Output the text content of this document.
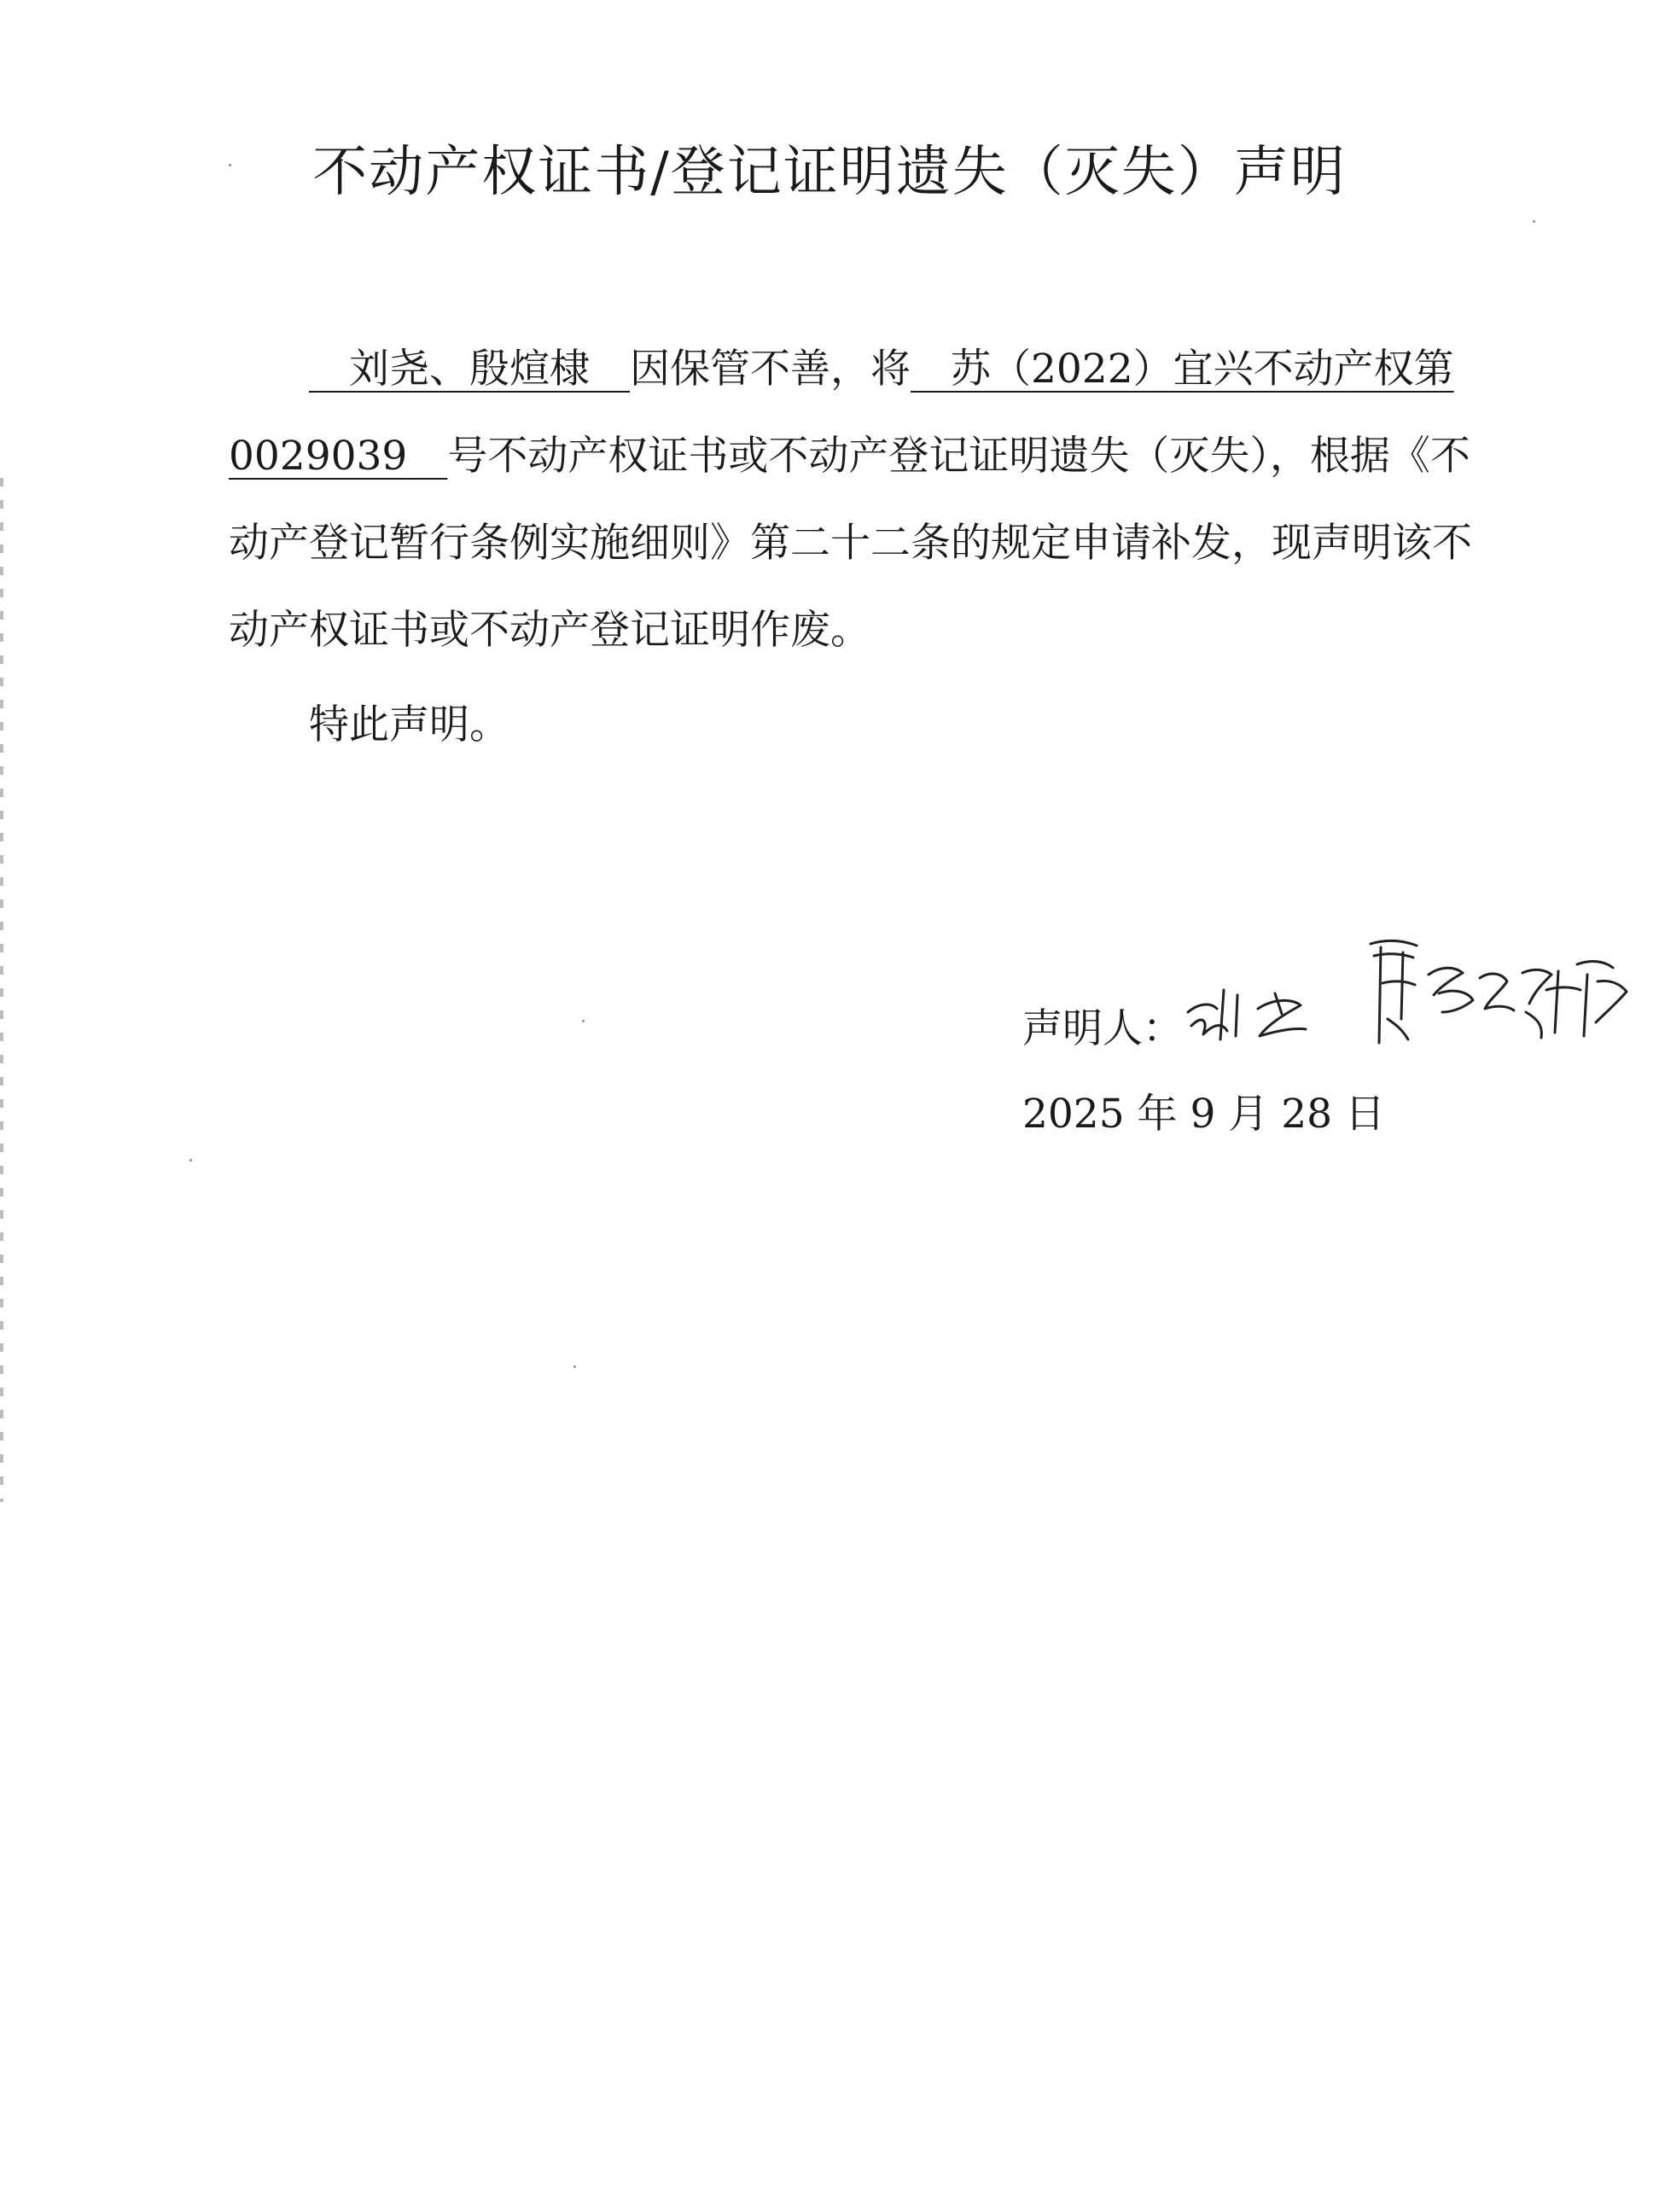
不动产权证书/登记证明遗失（灭失）声明
 刘尧、殷煊棣  因保管不善，将  苏（2022）宜兴不动产权第0029039  号不动产权证书或不动产登记证明遗失（灭失），根据《不动产登记暂行条例实施细则》第二十二条的规定申请补发，现声明该不动产权证书或不动产登记证明作废。
特此声明。
声明人：
2025 年 9 月 28 日
